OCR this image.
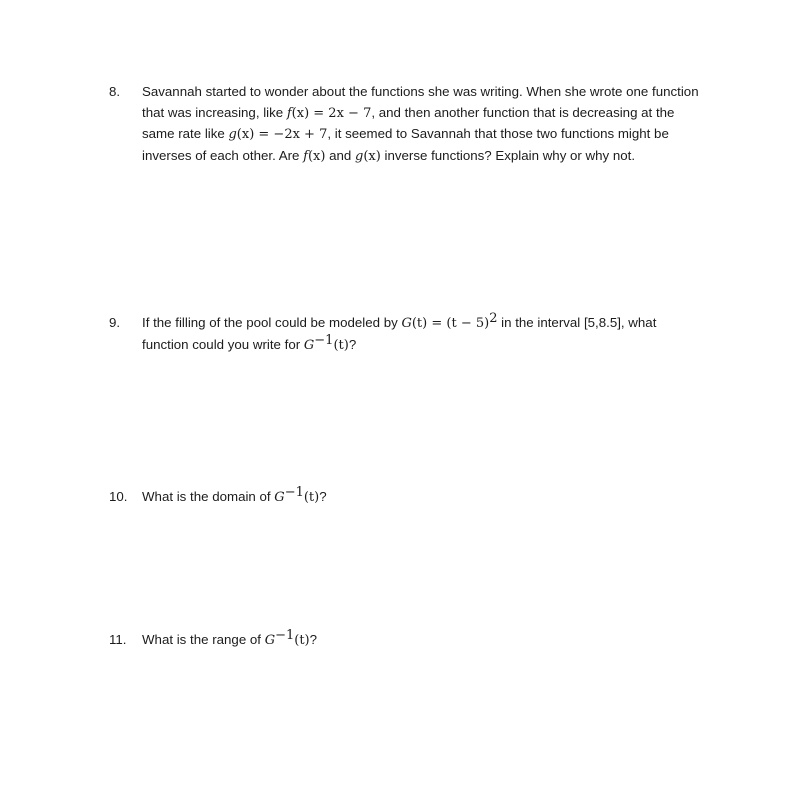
8. Savannah started to wonder about the functions she was writing. When she wrote one function
that was increasing, like f(x) = 2x − 7, and then another function that is decreasing at the
same rate like g(x) = −2x + 7, it seemed to Savannah that those two functions might be
inverses of each other. Are f(x) and g(x) inverse functions? Explain why or why not.
9. If the filling of the pool could be modeled by $G(t) = (t - 5)^2$ in the interval [5,8.5], what
function could you write for $G^{-1}(t)$?
10. What is the domain of $G^{-1}(t)$?
11. What is the range of $G^{-1}(t)$?
